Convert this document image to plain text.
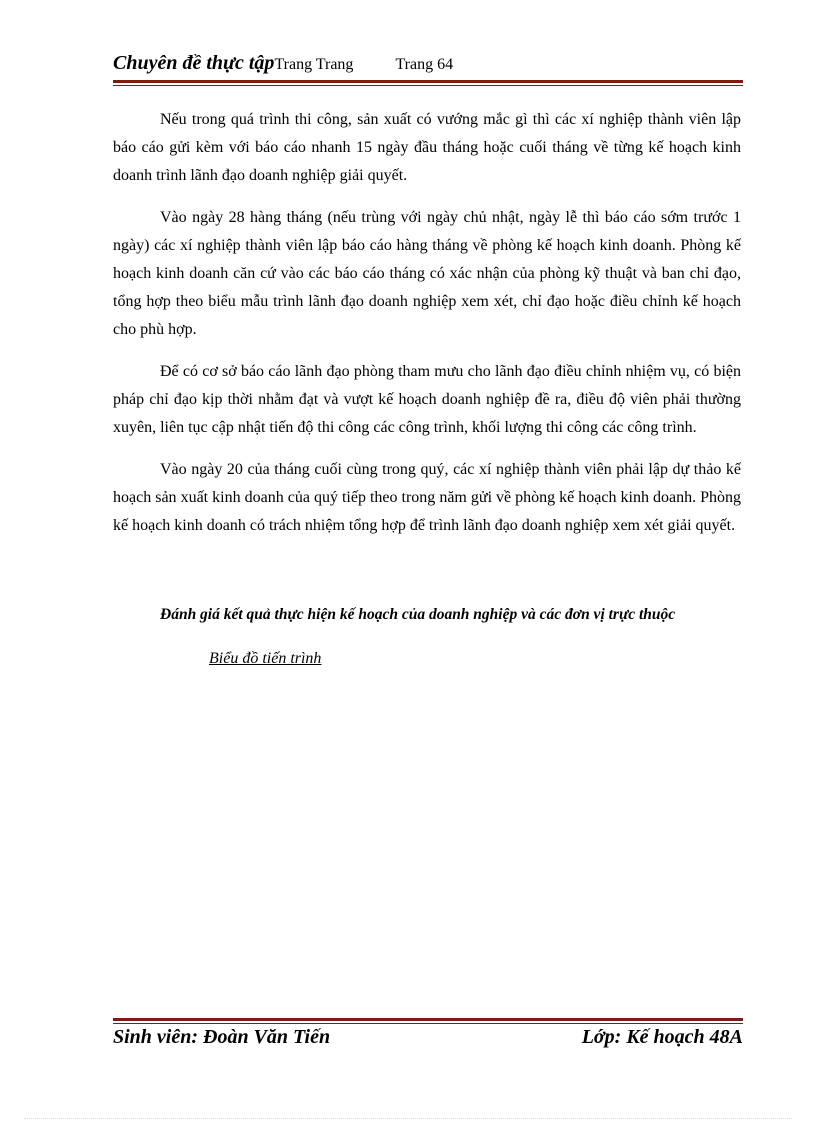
Chuyên đề thực tậpTrang Trang	Trang 64

Nếu trong quá trình thi công, sản xuất có vướng mắc gì thì các xí nghiệp thành viên lập báo cáo gửi kèm với báo cáo nhanh 15 ngày đầu tháng hoặc cuối tháng về từng kế hoạch kinh doanh trình lãnh đạo doanh nghiệp giải quyết.

Vào ngày 28 hàng tháng (nếu trùng với ngày chủ nhật, ngày lễ thì báo cáo sớm trước 1 ngày) các xí nghiệp thành viên lập báo cáo hàng tháng về phòng kế hoạch kinh doanh. Phòng kế hoạch kinh doanh căn cứ vào các báo cáo tháng có xác nhận của phòng kỹ thuật và ban chỉ đạo, tổng hợp theo biểu mẫu trình lãnh đạo doanh nghiệp xem xét, chỉ đạo hoặc điều chỉnh kế hoạch cho phù hợp.

Để có cơ sở báo cáo lãnh đạo phòng tham mưu cho lãnh đạo điều chỉnh nhiệm vụ, có biện pháp chỉ đạo kịp thời nhằm đạt và vượt kế hoạch doanh nghiệp đề ra, điều độ viên phải thường xuyên, liên tục cập nhật tiến độ thi công các công trình, khối lượng thi công các công trình.

Vào ngày 20 của tháng cuối cùng trong quý, các xí nghiệp thành viên phải lập dự thảo kế hoạch sản xuất kinh doanh của quý tiếp theo trong năm gửi về phòng kế hoạch kinh doanh. Phòng kế hoạch kinh doanh có trách nhiệm tổng hợp để trình lãnh đạo doanh nghiệp xem xét giải quyết.

Đánh giá kết quả thực hiện kế hoạch của doanh nghiệp và các đơn vị trực thuộc
Biểu đồ tiến trình
Sinh viên: Đoàn Văn Tiến	Lớp: Kế hoạch 48A
